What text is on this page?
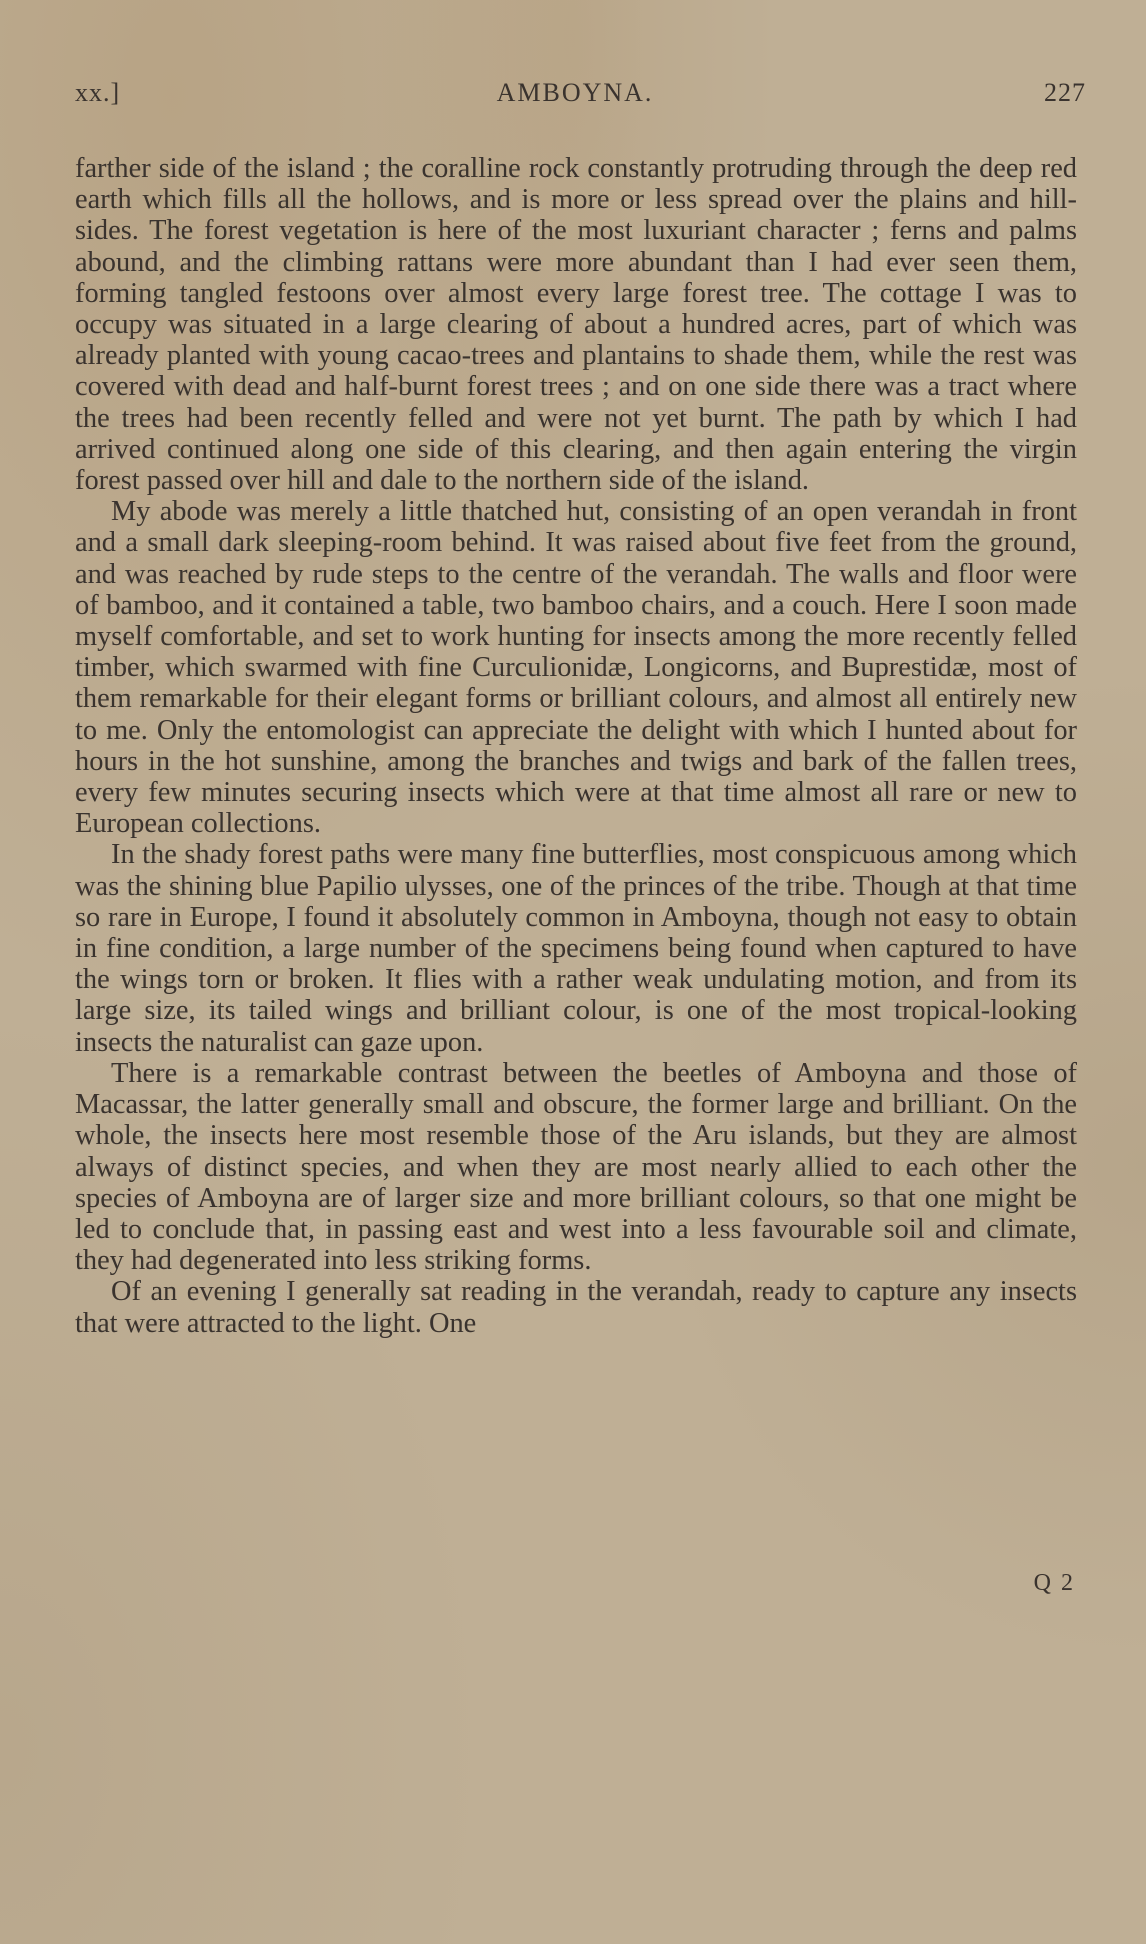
xx.]	AMBOYNA.	227

farther side of the island ; the coralline rock constantly protruding through the deep red earth which fills all the hollows, and is more or less spread over the plains and hill-sides. The forest vegetation is here of the most luxuriant character ; ferns and palms abound, and the climbing rattans were more abundant than I had ever seen them, forming tangled festoons over almost every large forest tree. The cottage I was to occupy was situated in a large clearing of about a hundred acres, part of which was already planted with young cacao-trees and plantains to shade them, while the rest was covered with dead and half-burnt forest trees ; and on one side there was a tract where the trees had been recently felled and were not yet burnt. The path by which I had arrived continued along one side of this clearing, and then again entering the virgin forest passed over hill and dale to the northern side of the island.

My abode was merely a little thatched hut, consisting of an open verandah in front and a small dark sleeping-room behind. It was raised about five feet from the ground, and was reached by rude steps to the centre of the verandah. The walls and floor were of bamboo, and it contained a table, two bamboo chairs, and a couch. Here I soon made myself comfortable, and set to work hunting for insects among the more recently felled timber, which swarmed with fine Curculionidæ, Longicorns, and Buprestidæ, most of them remarkable for their elegant forms or brilliant colours, and almost all entirely new to me. Only the entomologist can appreciate the delight with which I hunted about for hours in the hot sunshine, among the branches and twigs and bark of the fallen trees, every few minutes securing insects which were at that time almost all rare or new to European collections.

In the shady forest paths were many fine butterflies, most conspicuous among which was the shining blue Papilio ulysses, one of the princes of the tribe. Though at that time so rare in Europe, I found it absolutely common in Amboyna, though not easy to obtain in fine condition, a large number of the specimens being found when captured to have the wings torn or broken. It flies with a rather weak undulating motion, and from its large size, its tailed wings and brilliant colour, is one of the most tropical-looking insects the naturalist can gaze upon.

There is a remarkable contrast between the beetles of Amboyna and those of Macassar, the latter generally small and obscure, the former large and brilliant. On the whole, the insects here most resemble those of the Aru islands, but they are almost always of distinct species, and when they are most nearly allied to each other the species of Amboyna are of larger size and more brilliant colours, so that one might be led to conclude that, in passing east and west into a less favourable soil and climate, they had degenerated into less striking forms.

Of an evening I generally sat reading in the verandah, ready to capture any insects that were attracted to the light. One

Q 2
